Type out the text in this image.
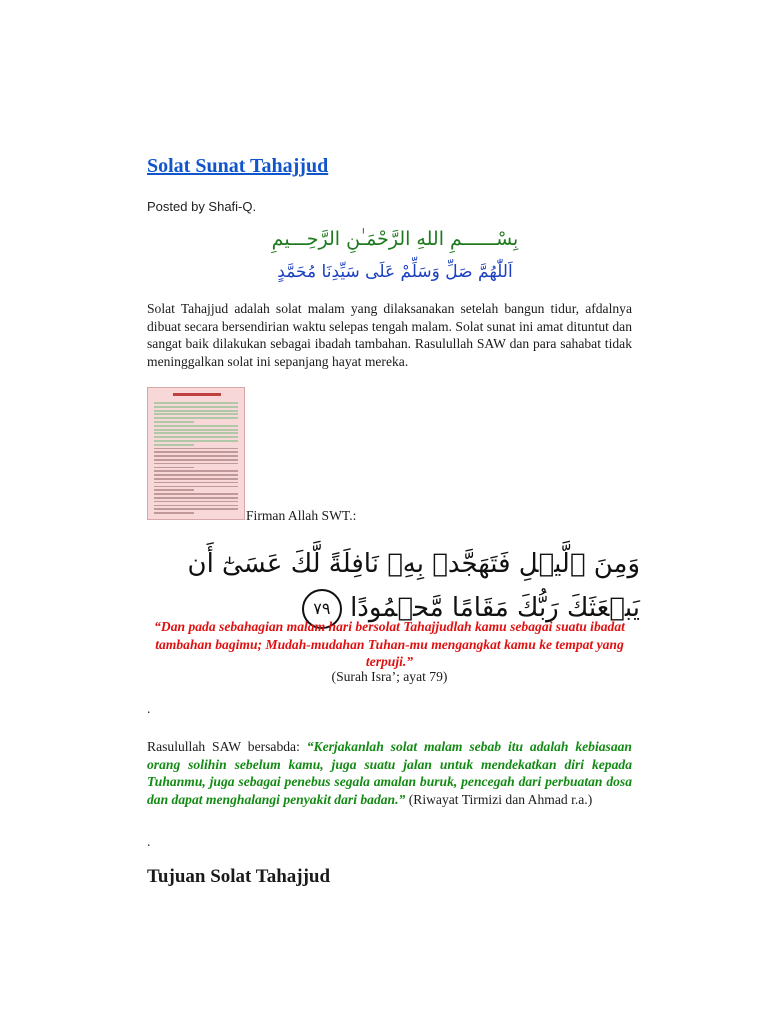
Solat Sunat Tahajjud
Posted by Shafi-Q.
بِسْــــــمِ اللهِ الرَّحْمَـٰنِ الرَّحِـــيمِ
اَللّٰهُمَّ صَلِّ وَسَلِّمْ عَلَى سَيِّدِنَا مُحَمَّدٍ
Solat Tahajjud adalah solat malam yang dilaksanakan setelah bangun tidur, afdalnya dibuat secara bersendirian waktu selepas tengah malam. Solat sunat ini amat dituntut dan sangat baik dilakukan sebagai ibadah tambahan. Rasulullah SAW dan para sahabat tidak meninggalkan solat ini sepanjang hayat mereka.
Firman Allah SWT.:
وَمِنَ ٱلَّيۡلِ فَتَهَجَّدۡ بِهِۦ نَافِلَةً لَّكَ عَسَىٰٓ أَن يَبۡعَثَكَ رَبُّكَ مَقَامًا مَّحۡمُودًا ٧٩
“Dan pada sebahagian malam hari bersolat Tahajjudlah kamu sebagai suatu ibadat tambahan bagimu; Mudah-mudahan Tuhan-mu mengangkat kamu ke tempat yang terpuji.”
(Surah Isra’; ayat 79)
.
Rasulullah SAW bersabda: “Kerjakanlah solat malam sebab itu adalah kebiasaan orang solihin sebelum kamu, juga suatu jalan untuk mendekatkan diri kepada Tuhanmu, juga sebagai penebus segala amalan buruk, pencegah dari perbuatan dosa dan dapat menghalangi penyakit dari badan.” (Riwayat Tirmizi dan Ahmad r.a.)
.
Tujuan Solat Tahajjud
